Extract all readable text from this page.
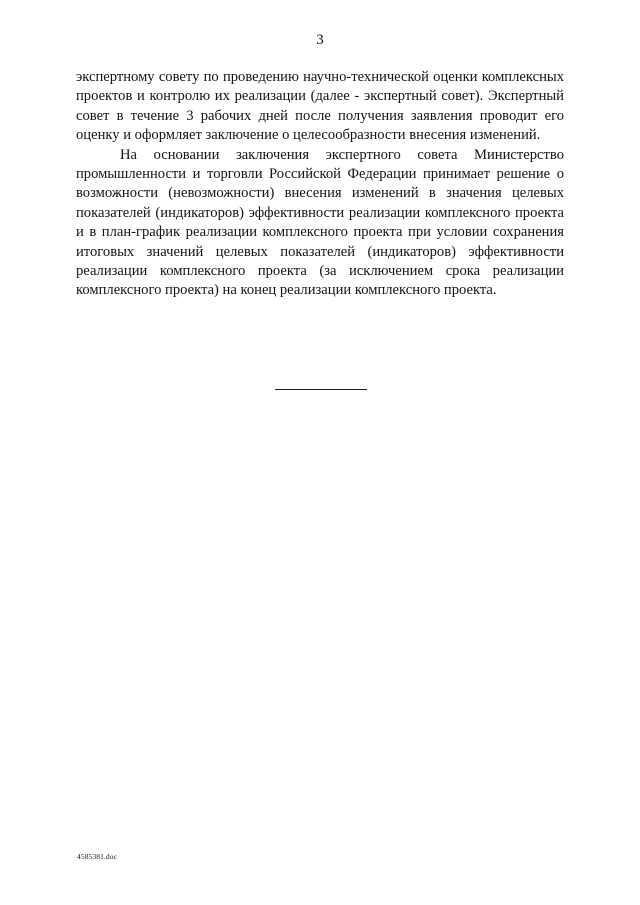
3

экспертному совету по проведению научно-технической оценки комплексных проектов и контролю их реализации (далее - экспертный совет). Экспертный совет в течение 3 рабочих дней после получения заявления проводит его оценку и оформляет заключение о целесообразности внесения изменений.

На основании заключения экспертного совета Министерство промышленности и торговли Российской Федерации принимает решение о возможности (невозможности) внесения изменений в значения целевых показателей (индикаторов) эффективности реализации комплексного проекта и в план-график реализации комплексного проекта при условии сохранения итоговых значений целевых показателей (индикаторов) эффективности реализации комплексного проекта (за исключением срока реализации комплексного проекта) на конец реализации комплексного проекта.

4585381.doc
